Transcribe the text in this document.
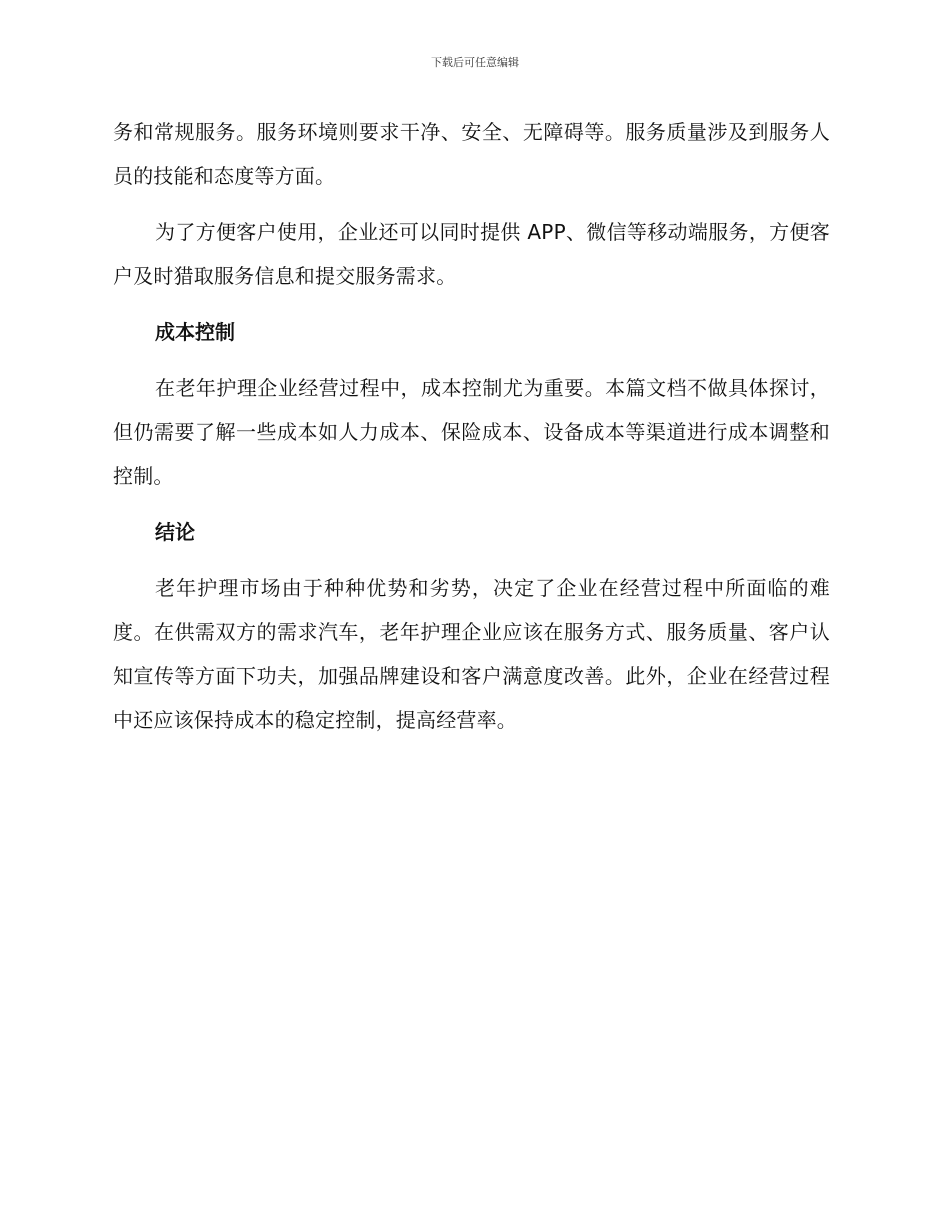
下载后可任意编辑

务和常规服务。服务环境则要求干净、安全、无障碍等。服务质量涉及到服务人员的技能和态度等方面。

为了方便客户使用，企业还可以同时提供 APP、微信等移动端服务，方便客户及时猎取服务信息和提交服务需求。

成本控制

在老年护理企业经营过程中，成本控制尤为重要。本篇文档不做具体探讨，但仍需要了解一些成本如人力成本、保险成本、设备成本等渠道进行成本调整和控制。

结论

老年护理市场由于种种优势和劣势，决定了企业在经营过程中所面临的难度。在供需双方的需求汽车，老年护理企业应该在服务方式、服务质量、客户认知宣传等方面下功夫，加强品牌建设和客户满意度改善。此外，企业在经营过程中还应该保持成本的稳定控制，提高经营率。
